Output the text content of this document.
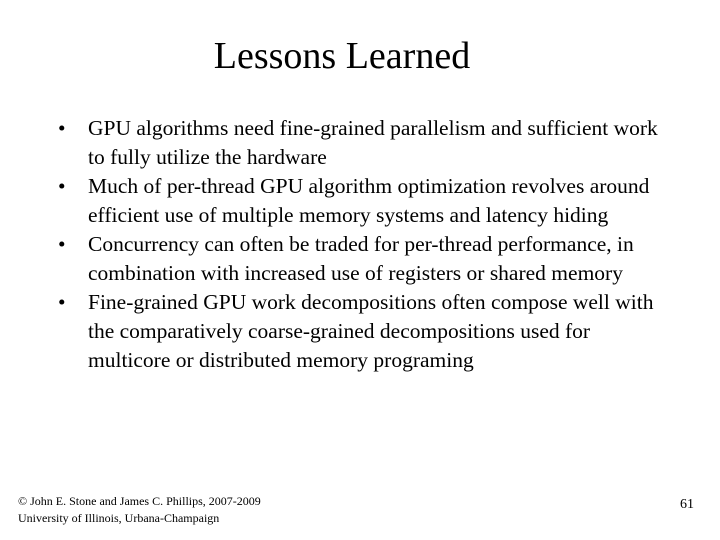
Lessons Learned
•	GPU algorithms need fine-grained parallelism and sufficient work to fully utilize the hardware
•	Much of per-thread GPU algorithm optimization revolves around efficient use of multiple memory systems and latency hiding
•	Concurrency can often be traded for per-thread performance, in combination with increased use of registers or shared memory
•	Fine-grained GPU work decompositions often compose well with the comparatively coarse-grained decompositions used for multicore or distributed memory programing
© John E. Stone and James C. Phillips, 2007-2009
University of Illinois, Urbana-Champaign
61
